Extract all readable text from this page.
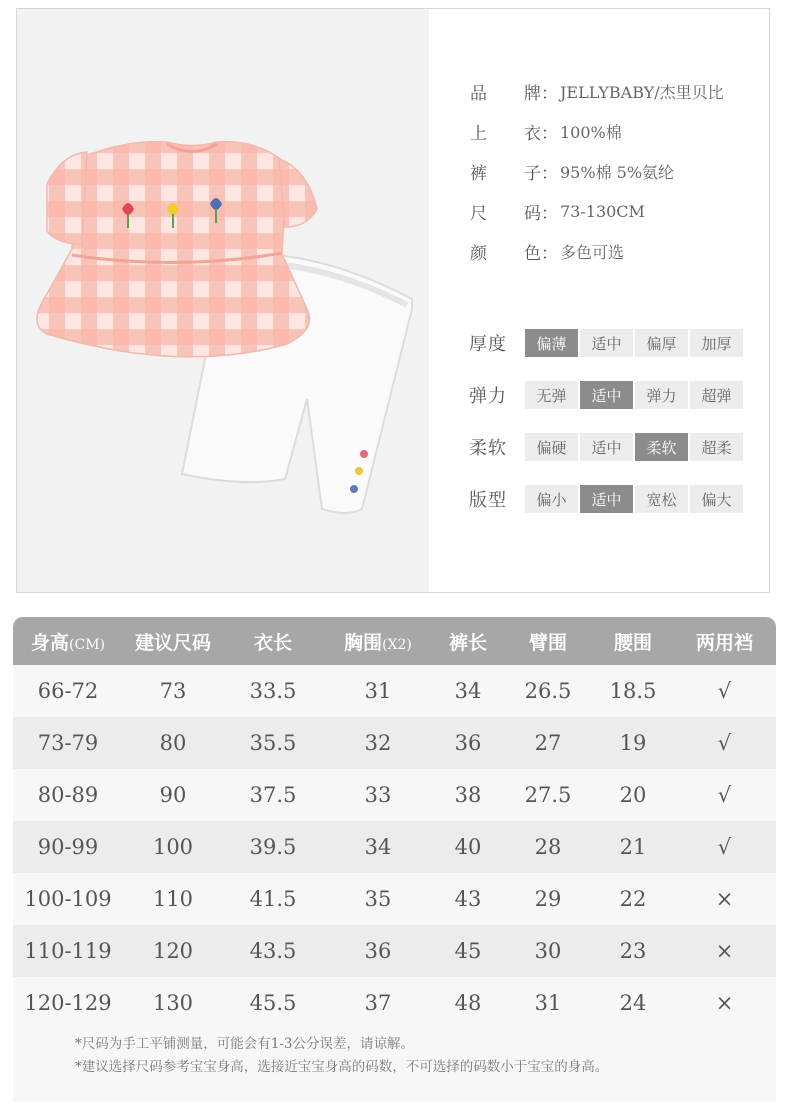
品 牌： JELLYBABY/杰里贝比
上 衣： 100%棉
裤 子： 95%棉 5%氨纶
尺 码： 73-130CM
颜 色： 多色可选
厚度	偏薄	适中	偏厚	加厚
弹力	无弹	适中	弹力	超弹
柔软	偏硬	适中	柔软	超柔
版型	偏小	适中	宽松	偏大
身高(CM)	建议尺码	衣长	胸围(X2)	裤长	臂围	腰围	两用裆
66-72	73	33.5	31	34	26.5	18.5	√
73-79	80	35.5	32	36	27	19	√
80-89	90	37.5	33	38	27.5	20	√
90-99	100	39.5	34	40	28	21	√
100-109	110	41.5	35	43	29	22	×
110-119	120	43.5	36	45	30	23	×
120-129	130	45.5	37	48	31	24	×
*尺码为手工平铺测量，可能会有1-3公分误差，请谅解。
*建议选择尺码参考宝宝身高，选接近宝宝身高的码数，不可选择的码数小于宝宝的身高。
